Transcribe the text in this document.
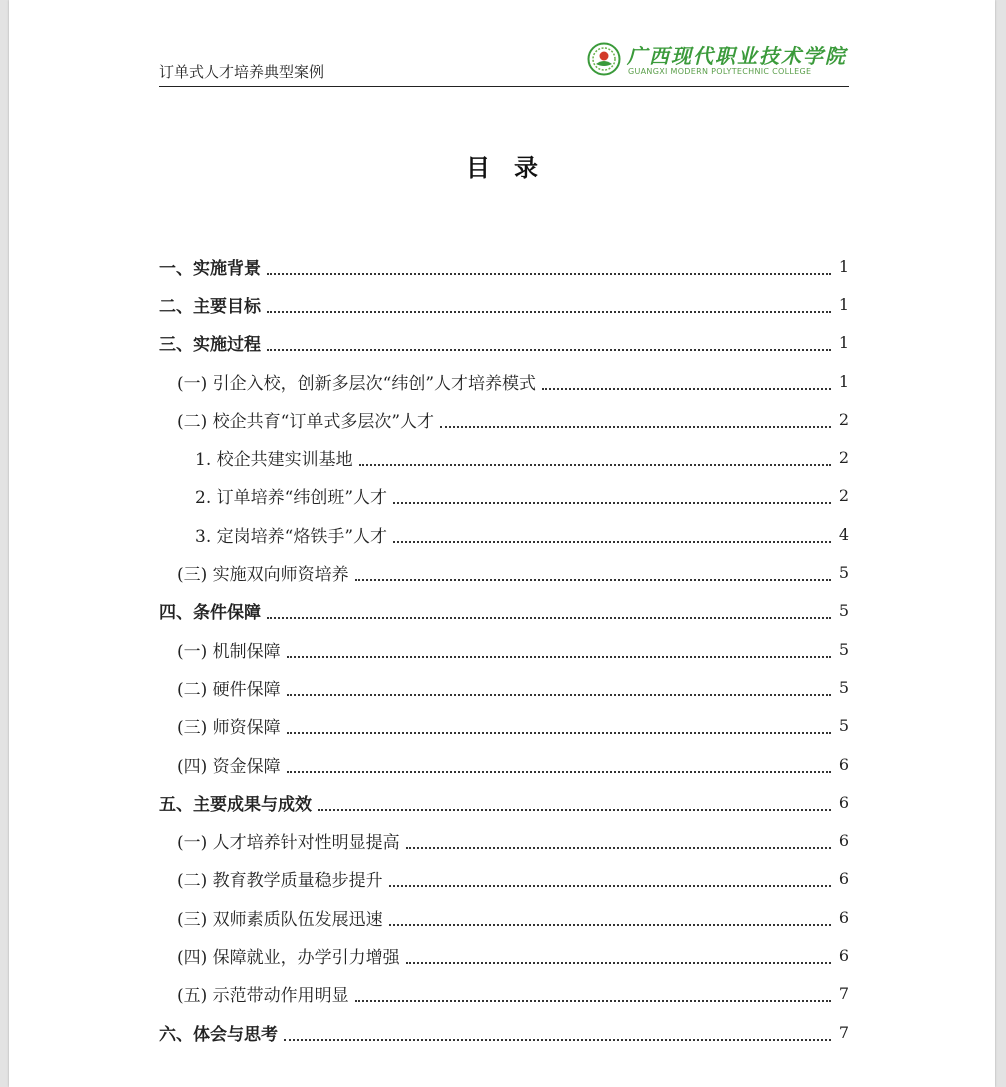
订单式人才培养典型案例
广西现代职业技术学院
GUANGXI MODERN POLYTECHNIC COLLEGE
目　录
一、实施背景	1
二、主要目标	1
三、实施过程	1
(一) 引企入校，创新多层次“纬创”人才培养模式	1
(二) 校企共育“订单式多层次”人才	2
1. 校企共建实训基地	2
2. 订单培养“纬创班”人才	2
3. 定岗培养“烙铁手”人才	4
(三) 实施双向师资培养	5
四、条件保障	5
(一) 机制保障	5
(二) 硬件保障	5
(三) 师资保障	5
(四) 资金保障	6
五、主要成果与成效	6
(一) 人才培养针对性明显提高	6
(二) 教育教学质量稳步提升	6
(三) 双师素质队伍发展迅速	6
(四) 保障就业，办学引力增强	6
(五) 示范带动作用明显	7
六、体会与思考	7
